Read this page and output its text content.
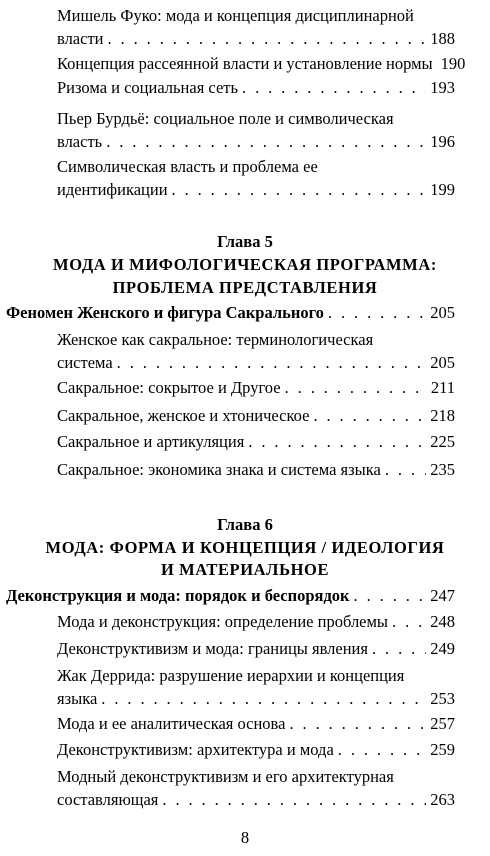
Мишель Фуко: мода и концепция дисциплинарной
власти . . .	188
Концепция рассеянной власти и установление нормы 190
Ризома и социальная сеть . . .	193
Пьер Бурдьё: социальное поле и символическая
власть . . .	196
Символическая власть и проблема ее
идентификации . . .	199
Глава 5
МОДА И МИФОЛОГИЧЕСКАЯ ПРОГРАММА:
ПРОБЛЕМА ПРЕДСТАВЛЕНИЯ
Феномен Женского и фигура Сакрального . . .	205
Женское как сакральное: терминологическая
система . . .	205
Сакральное: сокрытое и Другое . . .	211
Сакральное, женское и хтоническое . . .	218
Сакральное и артикуляция . . .	225
Сакральное: экономика знака и система языка . . .	235
Глава 6
МОДА: ФОРМА И КОНЦЕПЦИЯ / ИДЕОЛОГИЯ
И МАТЕРИАЛЬНОЕ
Деконструкция и мода: порядок и беспорядок . . .	247
Мода и деконструкция: определение проблемы . . .	248
Деконструктивизм и мода: границы явления . . .	249
Жак Деррида: разрушение иерархии и концепция
языка . . .	253
Мода и ее аналитическая основа . . .	257
Деконструктивизм: архитектура и мода . . .	259
Модный деконструктивизм и его архитектурная
составляющая . . .	263
8
